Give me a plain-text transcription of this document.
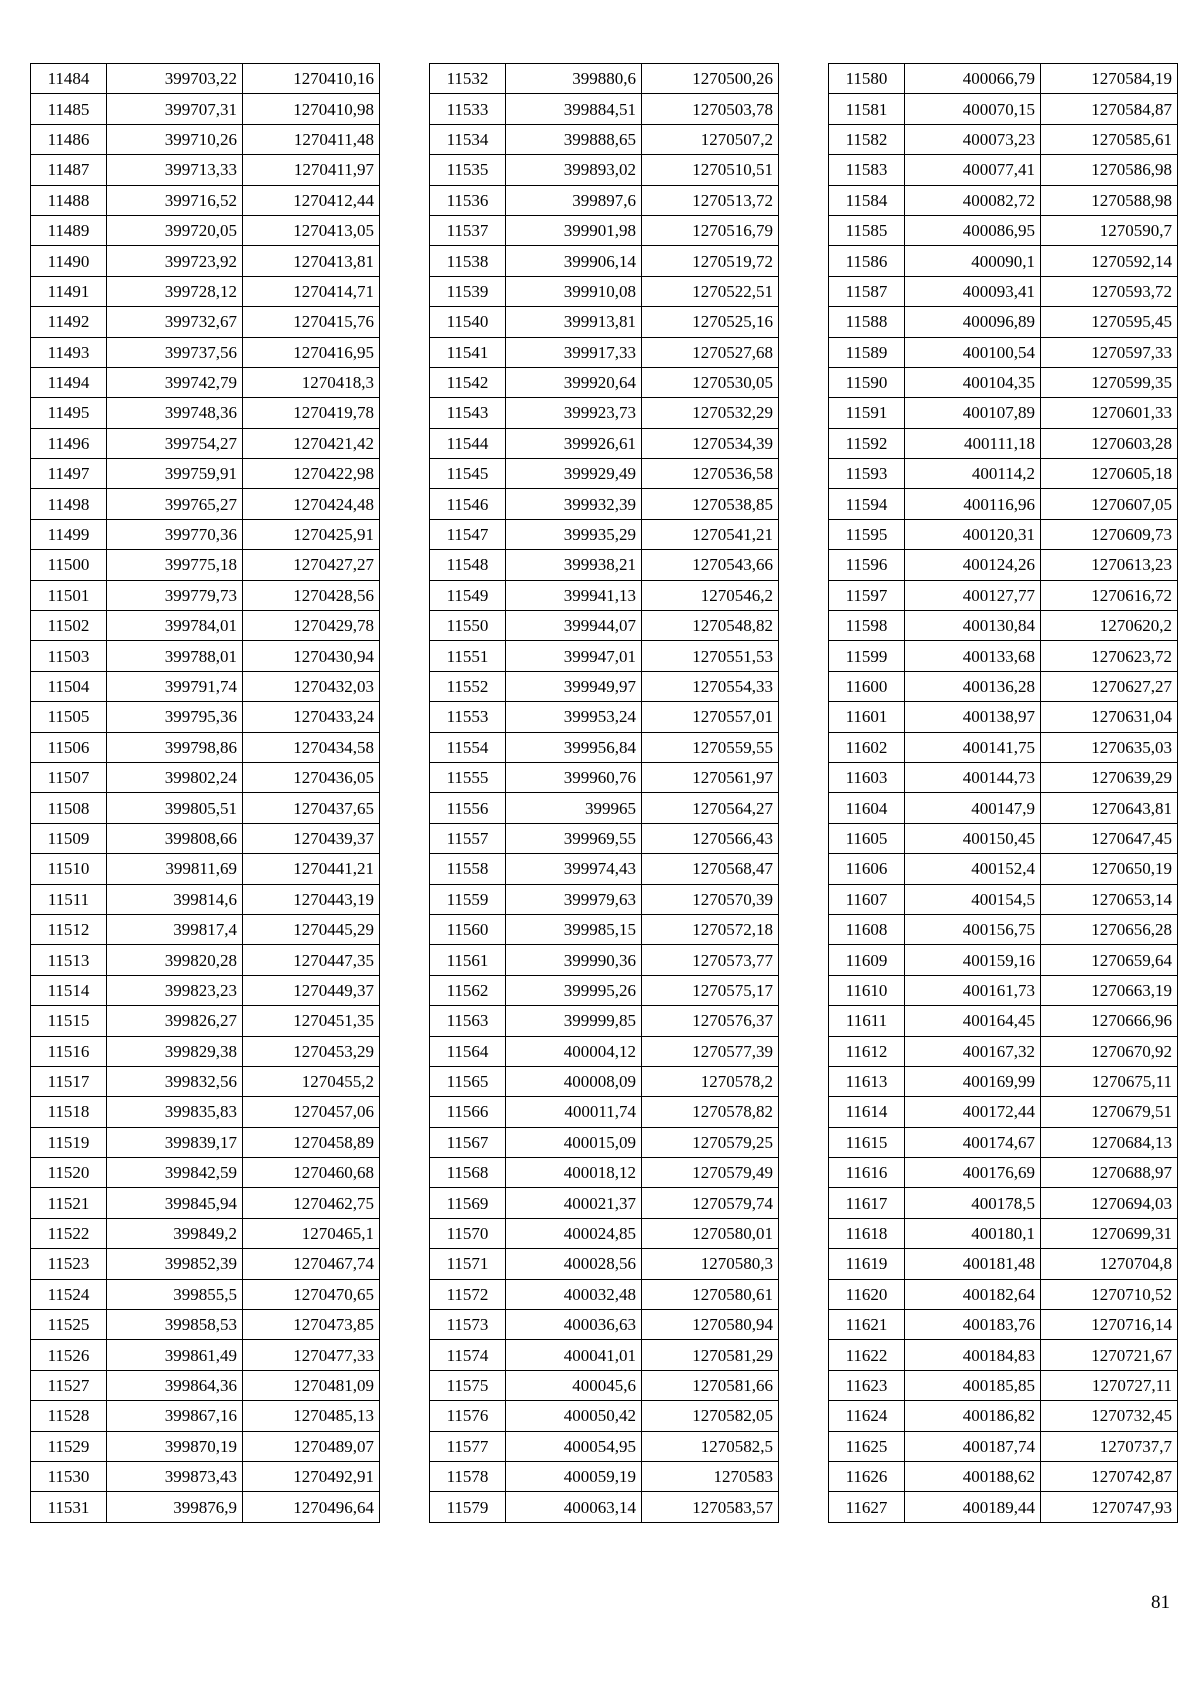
11484	399703,22	1270410,16
11485	399707,31	1270410,98
11486	399710,26	1270411,48
11487	399713,33	1270411,97
11488	399716,52	1270412,44
11489	399720,05	1270413,05
11490	399723,92	1270413,81
11491	399728,12	1270414,71
11492	399732,67	1270415,76
11493	399737,56	1270416,95
11494	399742,79	1270418,3
11495	399748,36	1270419,78
11496	399754,27	1270421,42
11497	399759,91	1270422,98
11498	399765,27	1270424,48
11499	399770,36	1270425,91
11500	399775,18	1270427,27
11501	399779,73	1270428,56
11502	399784,01	1270429,78
11503	399788,01	1270430,94
11504	399791,74	1270432,03
11505	399795,36	1270433,24
11506	399798,86	1270434,58
11507	399802,24	1270436,05
11508	399805,51	1270437,65
11509	399808,66	1270439,37
11510	399811,69	1270441,21
11511	399814,6	1270443,19
11512	399817,4	1270445,29
11513	399820,28	1270447,35
11514	399823,23	1270449,37
11515	399826,27	1270451,35
11516	399829,38	1270453,29
11517	399832,56	1270455,2
11518	399835,83	1270457,06
11519	399839,17	1270458,89
11520	399842,59	1270460,68
11521	399845,94	1270462,75
11522	399849,2	1270465,1
11523	399852,39	1270467,74
11524	399855,5	1270470,65
11525	399858,53	1270473,85
11526	399861,49	1270477,33
11527	399864,36	1270481,09
11528	399867,16	1270485,13
11529	399870,19	1270489,07
11530	399873,43	1270492,91
11531	399876,9	1270496,64
11532	399880,6	1270500,26
11533	399884,51	1270503,78
11534	399888,65	1270507,2
11535	399893,02	1270510,51
11536	399897,6	1270513,72
11537	399901,98	1270516,79
11538	399906,14	1270519,72
11539	399910,08	1270522,51
11540	399913,81	1270525,16
11541	399917,33	1270527,68
11542	399920,64	1270530,05
11543	399923,73	1270532,29
11544	399926,61	1270534,39
11545	399929,49	1270536,58
11546	399932,39	1270538,85
11547	399935,29	1270541,21
11548	399938,21	1270543,66
11549	399941,13	1270546,2
11550	399944,07	1270548,82
11551	399947,01	1270551,53
11552	399949,97	1270554,33
11553	399953,24	1270557,01
11554	399956,84	1270559,55
11555	399960,76	1270561,97
11556	399965	1270564,27
11557	399969,55	1270566,43
11558	399974,43	1270568,47
11559	399979,63	1270570,39
11560	399985,15	1270572,18
11561	399990,36	1270573,77
11562	399995,26	1270575,17
11563	399999,85	1270576,37
11564	400004,12	1270577,39
11565	400008,09	1270578,2
11566	400011,74	1270578,82
11567	400015,09	1270579,25
11568	400018,12	1270579,49
11569	400021,37	1270579,74
11570	400024,85	1270580,01
11571	400028,56	1270580,3
11572	400032,48	1270580,61
11573	400036,63	1270580,94
11574	400041,01	1270581,29
11575	400045,6	1270581,66
11576	400050,42	1270582,05
11577	400054,95	1270582,5
11578	400059,19	1270583
11579	400063,14	1270583,57
11580	400066,79	1270584,19
11581	400070,15	1270584,87
11582	400073,23	1270585,61
11583	400077,41	1270586,98
11584	400082,72	1270588,98
11585	400086,95	1270590,7
11586	400090,1	1270592,14
11587	400093,41	1270593,72
11588	400096,89	1270595,45
11589	400100,54	1270597,33
11590	400104,35	1270599,35
11591	400107,89	1270601,33
11592	400111,18	1270603,28
11593	400114,2	1270605,18
11594	400116,96	1270607,05
11595	400120,31	1270609,73
11596	400124,26	1270613,23
11597	400127,77	1270616,72
11598	400130,84	1270620,2
11599	400133,68	1270623,72
11600	400136,28	1270627,27
11601	400138,97	1270631,04
11602	400141,75	1270635,03
11603	400144,73	1270639,29
11604	400147,9	1270643,81
11605	400150,45	1270647,45
11606	400152,4	1270650,19
11607	400154,5	1270653,14
11608	400156,75	1270656,28
11609	400159,16	1270659,64
11610	400161,73	1270663,19
11611	400164,45	1270666,96
11612	400167,32	1270670,92
11613	400169,99	1270675,11
11614	400172,44	1270679,51
11615	400174,67	1270684,13
11616	400176,69	1270688,97
11617	400178,5	1270694,03
11618	400180,1	1270699,31
11619	400181,48	1270704,8
11620	400182,64	1270710,52
11621	400183,76	1270716,14
11622	400184,83	1270721,67
11623	400185,85	1270727,11
11624	400186,82	1270732,45
11625	400187,74	1270737,7
11626	400188,62	1270742,87
11627	400189,44	1270747,93
81
